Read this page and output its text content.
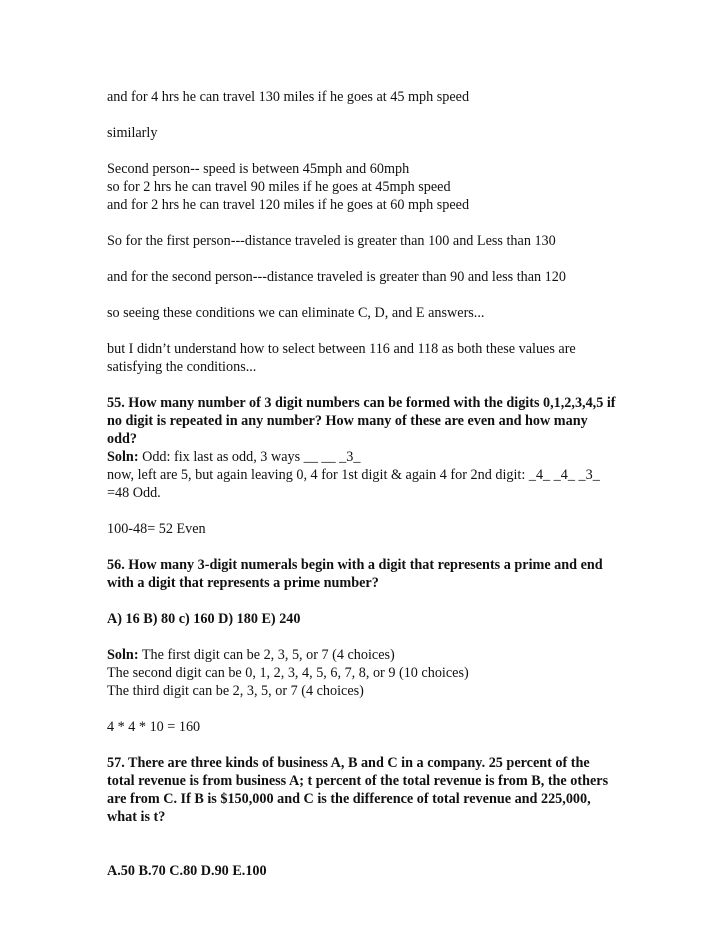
and for 4 hrs he can travel 130 miles if he goes at 45 mph speed
similarly
Second person-- speed is between 45mph and 60mph
so for 2 hrs he can travel 90 miles if he goes at 45mph speed
and for 2 hrs he can travel 120 miles if he goes at 60 mph speed
So for the first person---distance traveled is greater than 100 and Less than 130
and for the second person---distance traveled is greater than 90 and less than 120
so seeing these conditions we can eliminate C, D, and E answers...
but I didn’t understand how to select between 116 and 118 as both these values are
satisfying the conditions...
55. How many number of 3 digit numbers can be formed with the digits 0,1,2,3,4,5 if
no digit is repeated in any number? How many of these are even and how many
odd?
Soln: Odd: fix last as odd, 3 ways __ __ _3_
now, left are 5, but again leaving 0, 4 for 1st digit & again 4 for 2nd digit: _4_ _4_ _3_
=48 Odd.
100-48= 52 Even
56. How many 3-digit numerals begin with a digit that represents a prime and end
with a digit that represents a prime number?
A) 16 B) 80 c) 160 D) 180 E) 240
Soln: The first digit can be 2, 3, 5, or 7 (4 choices)
The second digit can be 0, 1, 2, 3, 4, 5, 6, 7, 8, or 9 (10 choices)
The third digit can be 2, 3, 5, or 7 (4 choices)
4 * 4 * 10 = 160
57. There are three kinds of business A, B and C in a company. 25 percent of the
total revenue is from business A; t percent of the total revenue is from B, the others
are from C. If B is $150,000 and C is the difference of total revenue and 225,000,
what is t?
A.50 B.70 C.80 D.90 E.100
